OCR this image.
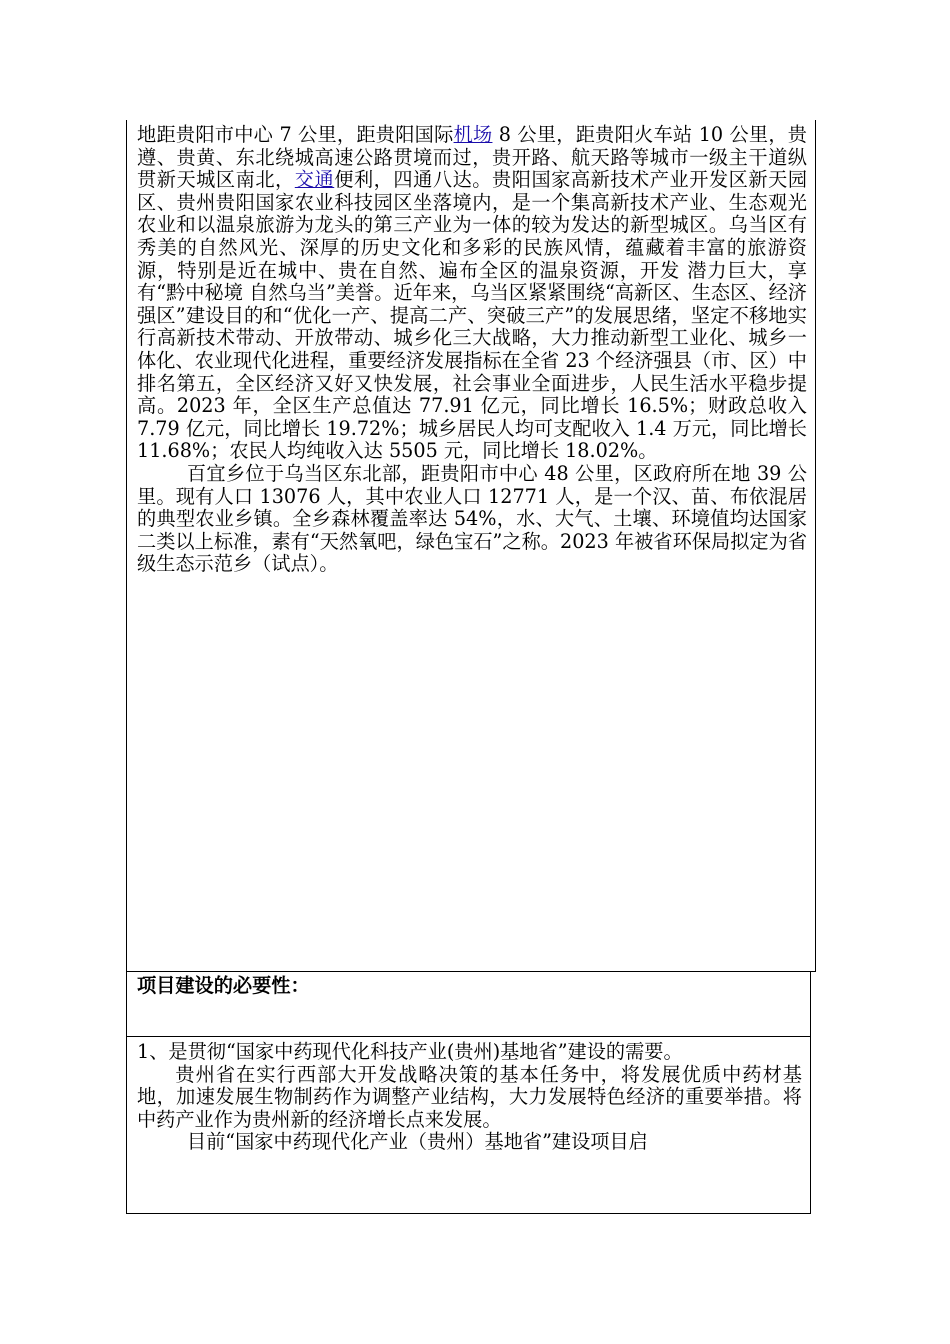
地距贵阳市中心 7 公里，距贵阳国际机场 8 公里，距贵阳火车站 10 公里，贵遵、贵黄、东北绕城高速公路贯境而过，贵开路、航天路等城市一级主干道纵贯新天城区南北，交通便利，四通八达。贵阳国家高新技术产业开发区新天园区、贵州贵阳国家农业科技园区坐落境内，是一个集高新技术产业、生态观光农业和以温泉旅游为龙头的第三产业为一体的较为发达的新型城区。乌当区有秀美的自然风光、深厚的历史文化和多彩的民族风情，蕴藏着丰富的旅游资源，特别是近在城中、贵在自然、遍布全区的温泉资源，开发 潜力巨大，享有“黔中秘境 自然乌当”美誉。近年来，乌当区紧紧围绕“高新区、生态区、经济强区”建设目的和“优化一产、提高二产、突破三产”的发展思绪，坚定不移地实行高新技术带动、开放带动、城乡化三大战略，大力推动新型工业化、城乡一体化、农业现代化进程，重要经济发展指标在全省 23 个经济强县（市、区）中排名第五，全区经济又好又快发展，社会事业全面进步，人民生活水平稳步提高。2023 年，全区生产总值达 77.91 亿元，同比增长 16.5%；财政总收入 7.79 亿元，同比增长 19.72%；城乡居民人均可支配收入 1.4 万元，同比增长 11.68%；农民人均纯收入达 5505 元，同比增长 18.02%。

百宜乡位于乌当区东北部，距贵阳市中心 48 公里，区政府所在地 39 公里。现有人口 13076 人，其中农业人口 12771 人，是一个汉、苗、布依混居的典型农业乡镇。全乡森林覆盖率达 54%，水、大气、土壤、环境值均达国家二类以上标准，素有“天然氧吧，绿色宝石”之称。2023 年被省环保局拟定为省级生态示范乡（试点）。

项目建设的必要性：

1、是贯彻“国家中药现代化科技产业(贵州)基地省”建设的需要。

贵州省在实行西部大开发战略决策的基本任务中，将发展优质中药材基地，加速发展生物制药作为调整产业结构，大力发展特色经济的重要举措。将中药产业作为贵州新的经济增长点来发展。

目前“国家中药现代化产业（贵州）基地省”建设项目启
